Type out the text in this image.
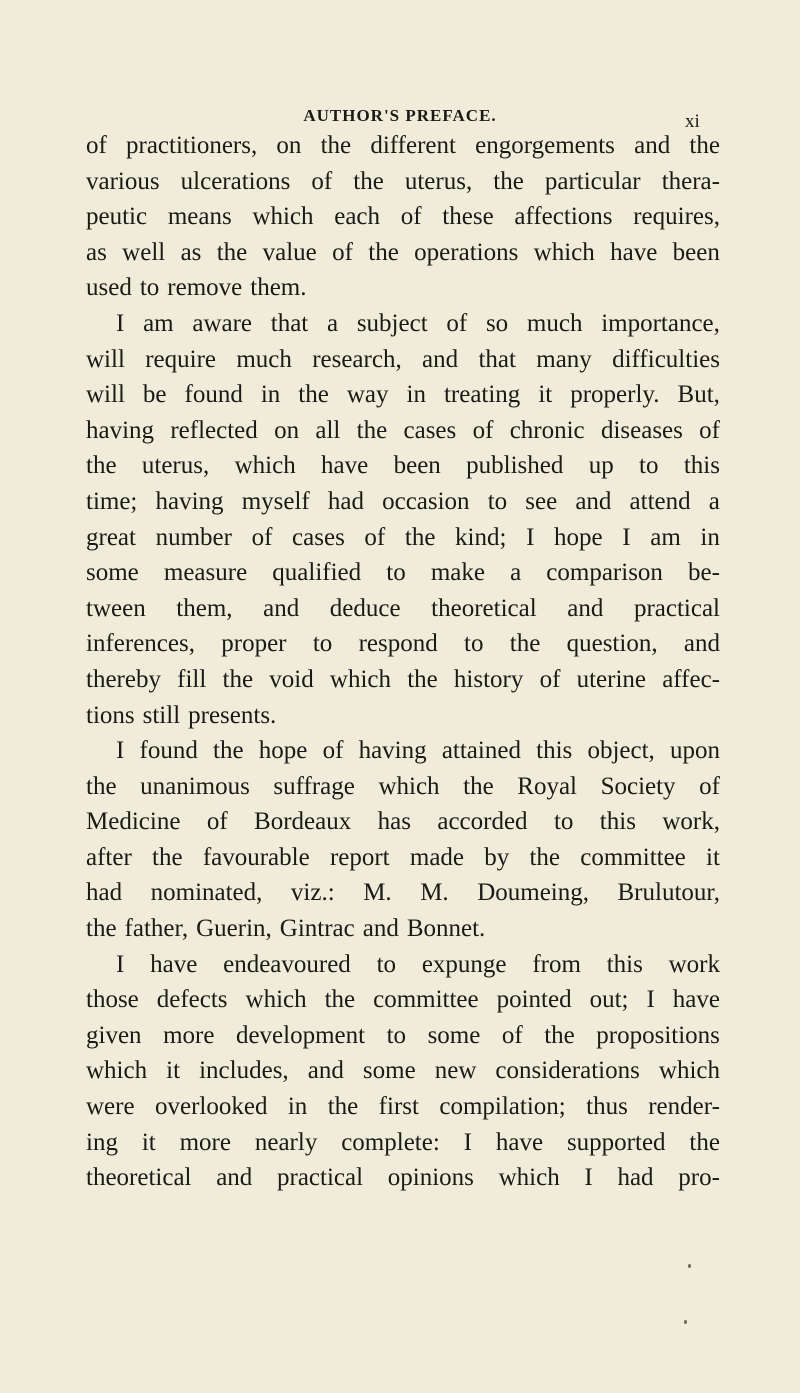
AUTHOR'S PREFACE.	xi
of practitioners, on the different engorgements and the
various ulcerations of the uterus, the particular thera-
peutic means which each of these affections requires,
as well as the value of the operations which have been
used to remove them.
I am aware that a subject of so much importance,
will require much research, and that many difficulties
will be found in the way in treating it properly. But,
having reflected on all the cases of chronic diseases of
the uterus, which have been published up to this
time; having myself had occasion to see and attend a
great number of cases of the kind; I hope I am in
some measure qualified to make a comparison be-
tween them, and deduce theoretical and practical
inferences, proper to respond to the question, and
thereby fill the void which the history of uterine affec-
tions still presents.
I found the hope of having attained this object, upon
the unanimous suffrage which the Royal Society of
Medicine of Bordeaux has accorded to this work,
after the favourable report made by the committee it
had nominated, viz.: M. M. Doumeing, Brulutour,
the father, Guerin, Gintrac and Bonnet.
I have endeavoured to expunge from this work
those defects which the committee pointed out; I have
given more development to some of the propositions
which it includes, and some new considerations which
were overlooked in the first compilation; thus render-
ing it more nearly complete: I have supported the
theoretical and practical opinions which I had pro-
